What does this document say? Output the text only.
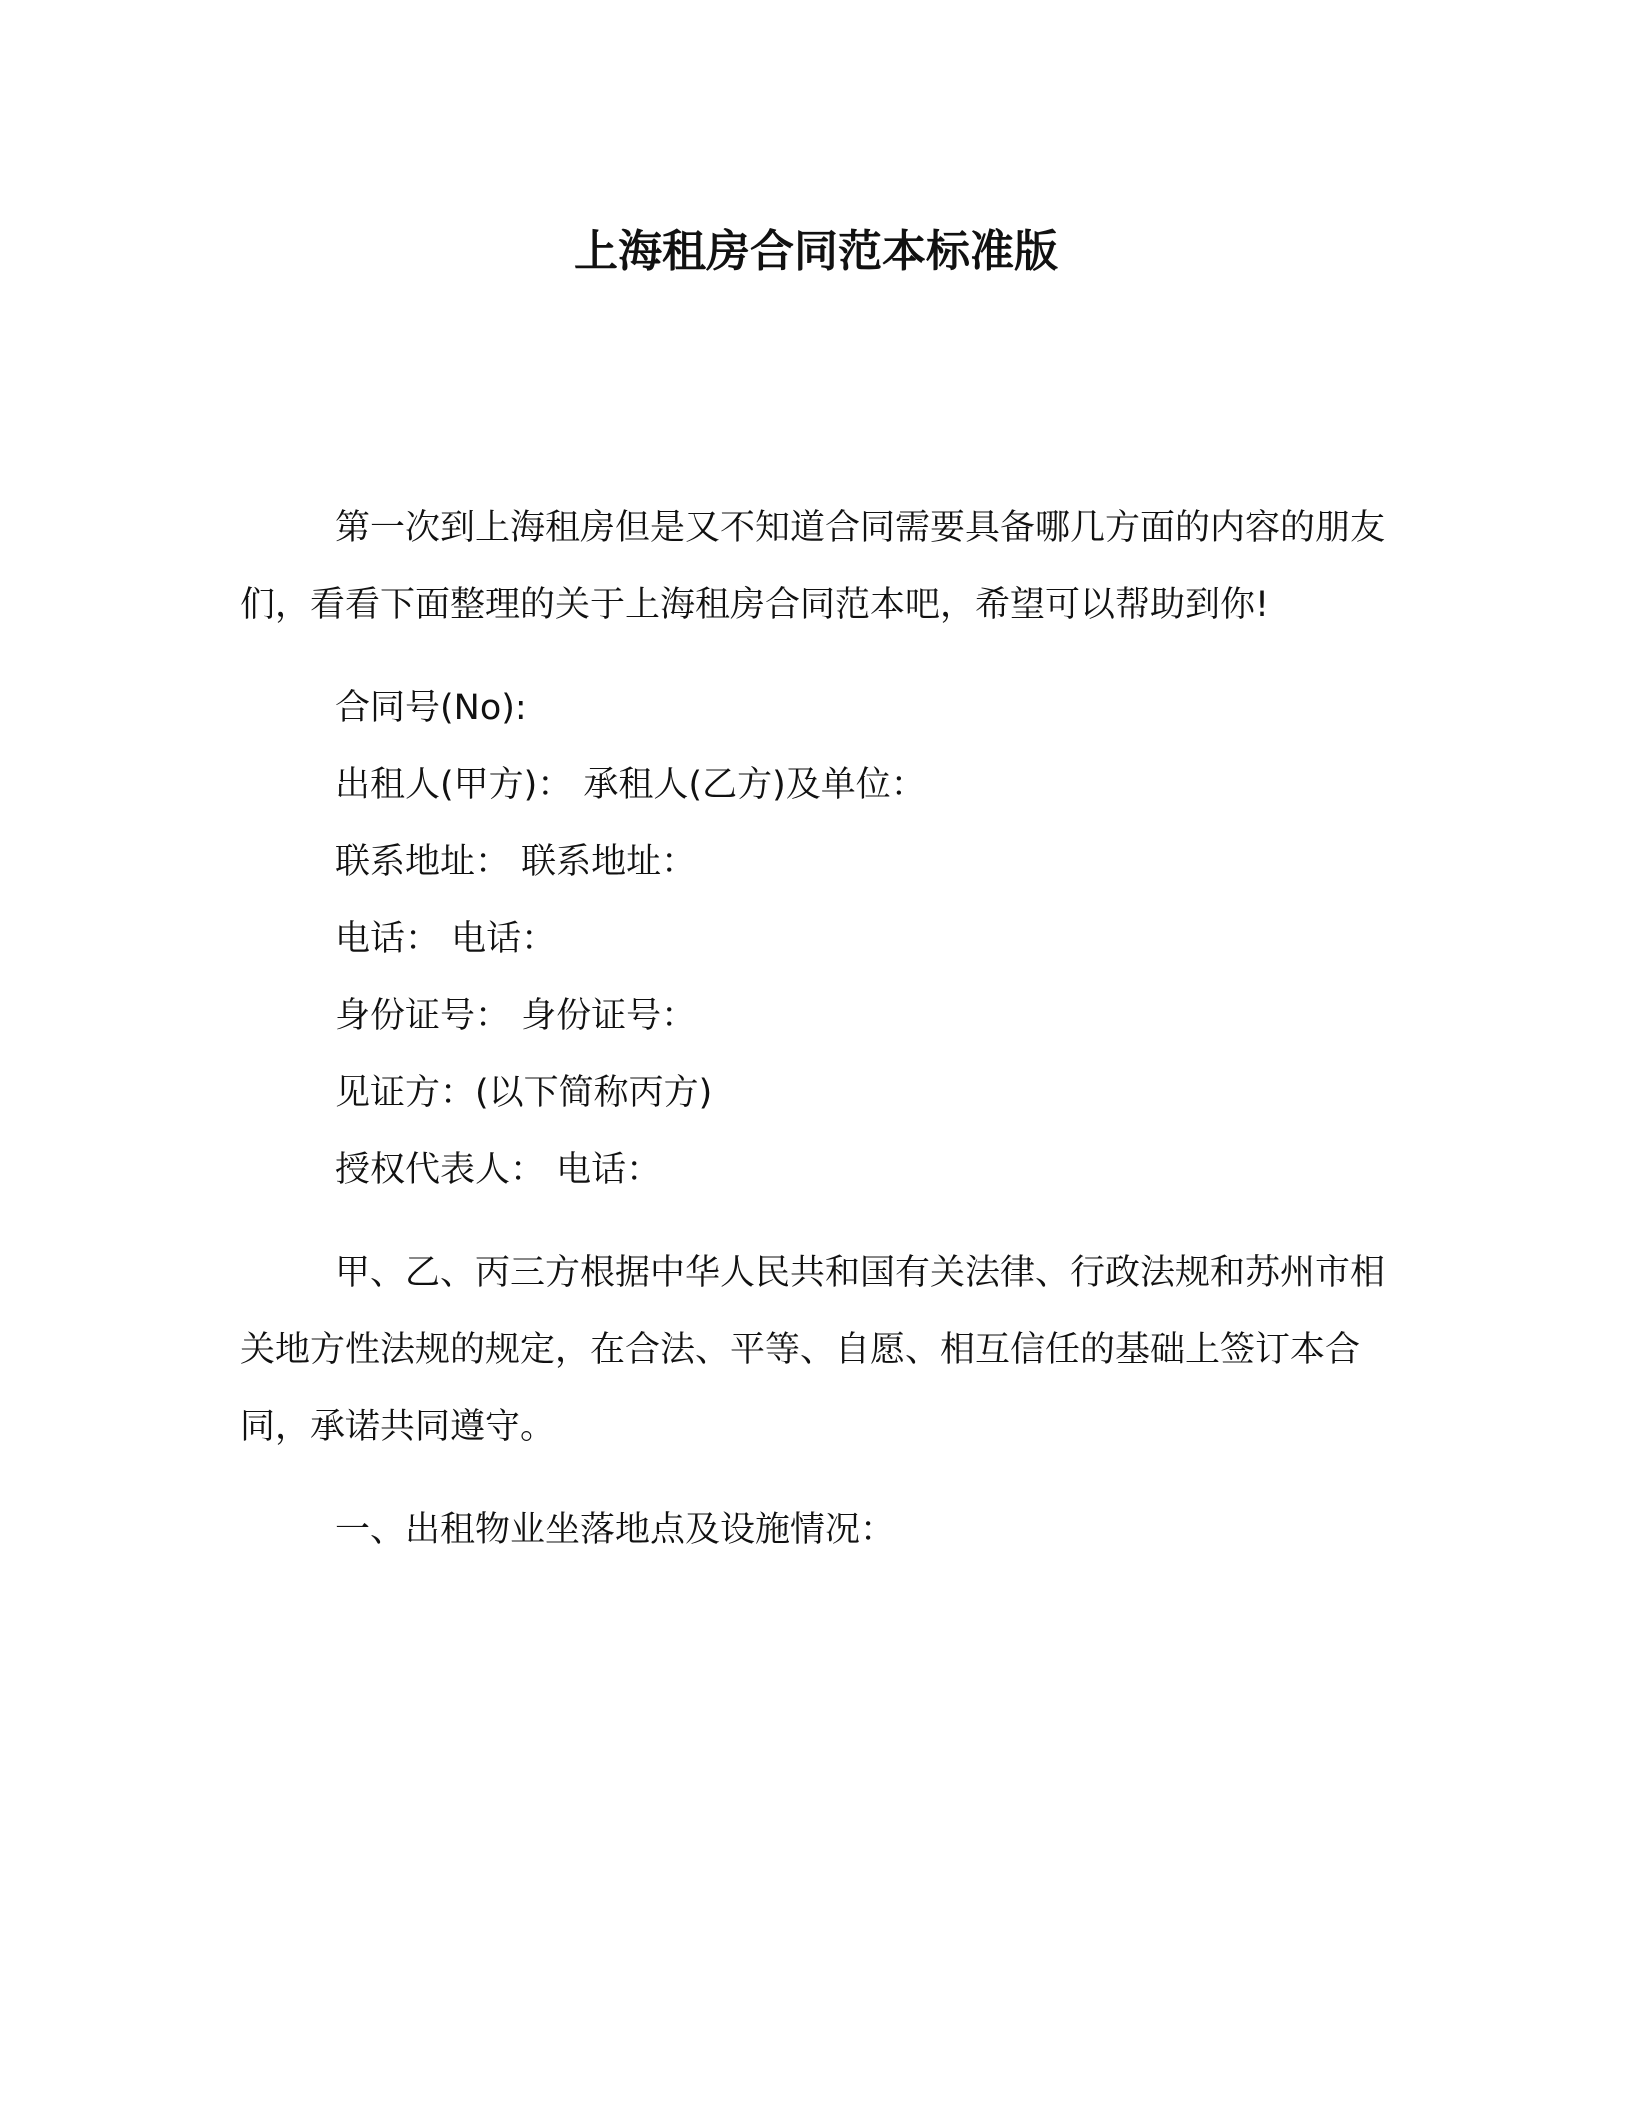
上海租房合同范本标准版

第一次到上海租房但是又不知道合同需要具备哪几方面的内容的朋友们，看看下面整理的关于上海租房合同范本吧，希望可以帮助到你!

合同号(No):

出租人(甲方)： 承租人(乙方)及单位：

联系地址： 联系地址：

电话： 电话：

身份证号： 身份证号：

见证方：(以下简称丙方)

授权代表人： 电话：

甲、乙、丙三方根据中华人民共和国有关法律、行政法规和苏州市相关地方性法规的规定，在合法、平等、自愿、相互信任的基础上签订本合同，承诺共同遵守。

一、出租物业坐落地点及设施情况：
